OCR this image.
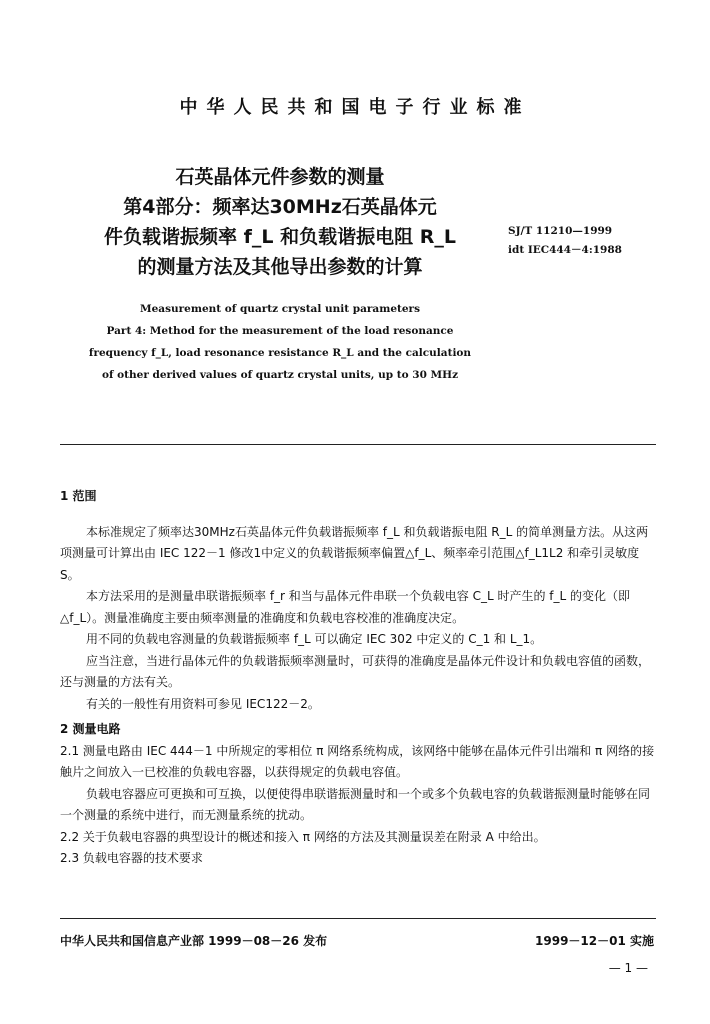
中华人民共和国电子行业标准
石英晶体元件参数的测量
第4部分：频率达30MHz石英晶体元
件负载谐振频率 f_L 和负载谐振电阻 R_L
的测量方法及其他导出参数的计算
SJ/T 11210—1999
idt IEC444－4:1988
Measurement of quartz crystal unit parameters
Part 4: Method for the measurement of the load resonance
frequency f_L, load resonance resistance R_L and the calculation
of other derived values of quartz crystal units, up to 30 MHz

1 范围

本标准规定了频率达30MHz石英晶体元件负载谐振频率 f_L 和负载谐振电阻 R_L 的简单测量方法。从这两项测量可计算出由 IEC 122－1 修改1中定义的负载谐振频率偏置△f_L、频率牵引范围△f_L1L2 和牵引灵敏度 S。

本方法采用的是测量串联谐振频率 f_r 和当与晶体元件串联一个负载电容 C_L 时产生的 f_L 的变化（即△f_L）。测量准确度主要由频率测量的准确度和负载电容校准的准确度决定。

用不同的负载电容测量的负载谐振频率 f_L 可以确定 IEC 302 中定义的 C_1 和 L_1。

应当注意，当进行晶体元件的负载谐振频率测量时，可获得的准确度是晶体元件设计和负载电容值的函数，还与测量的方法有关。

有关的一般性有用资料可参见 IEC122－2。

2 测量电路

2.1 测量电路由 IEC 444－1 中所规定的零相位 π 网络系统构成，该网络中能够在晶体元件引出端和 π 网络的接触片之间放入一已校准的负载电容器，以获得规定的负载电容值。

负载电容器应可更换和可互换，以便使得串联谐振测量时和一个或多个负载电容的负载谐振测量时能够在同一个测量的系统中进行，而无测量系统的扰动。

2.2 关于负载电容器的典型设计的概述和接入 π 网络的方法及其测量误差在附录 A 中给出。

2.3 负载电容器的技术要求

中华人民共和国信息产业部 1999－08－26 发布	1999－12－01 实施
— 1 —
